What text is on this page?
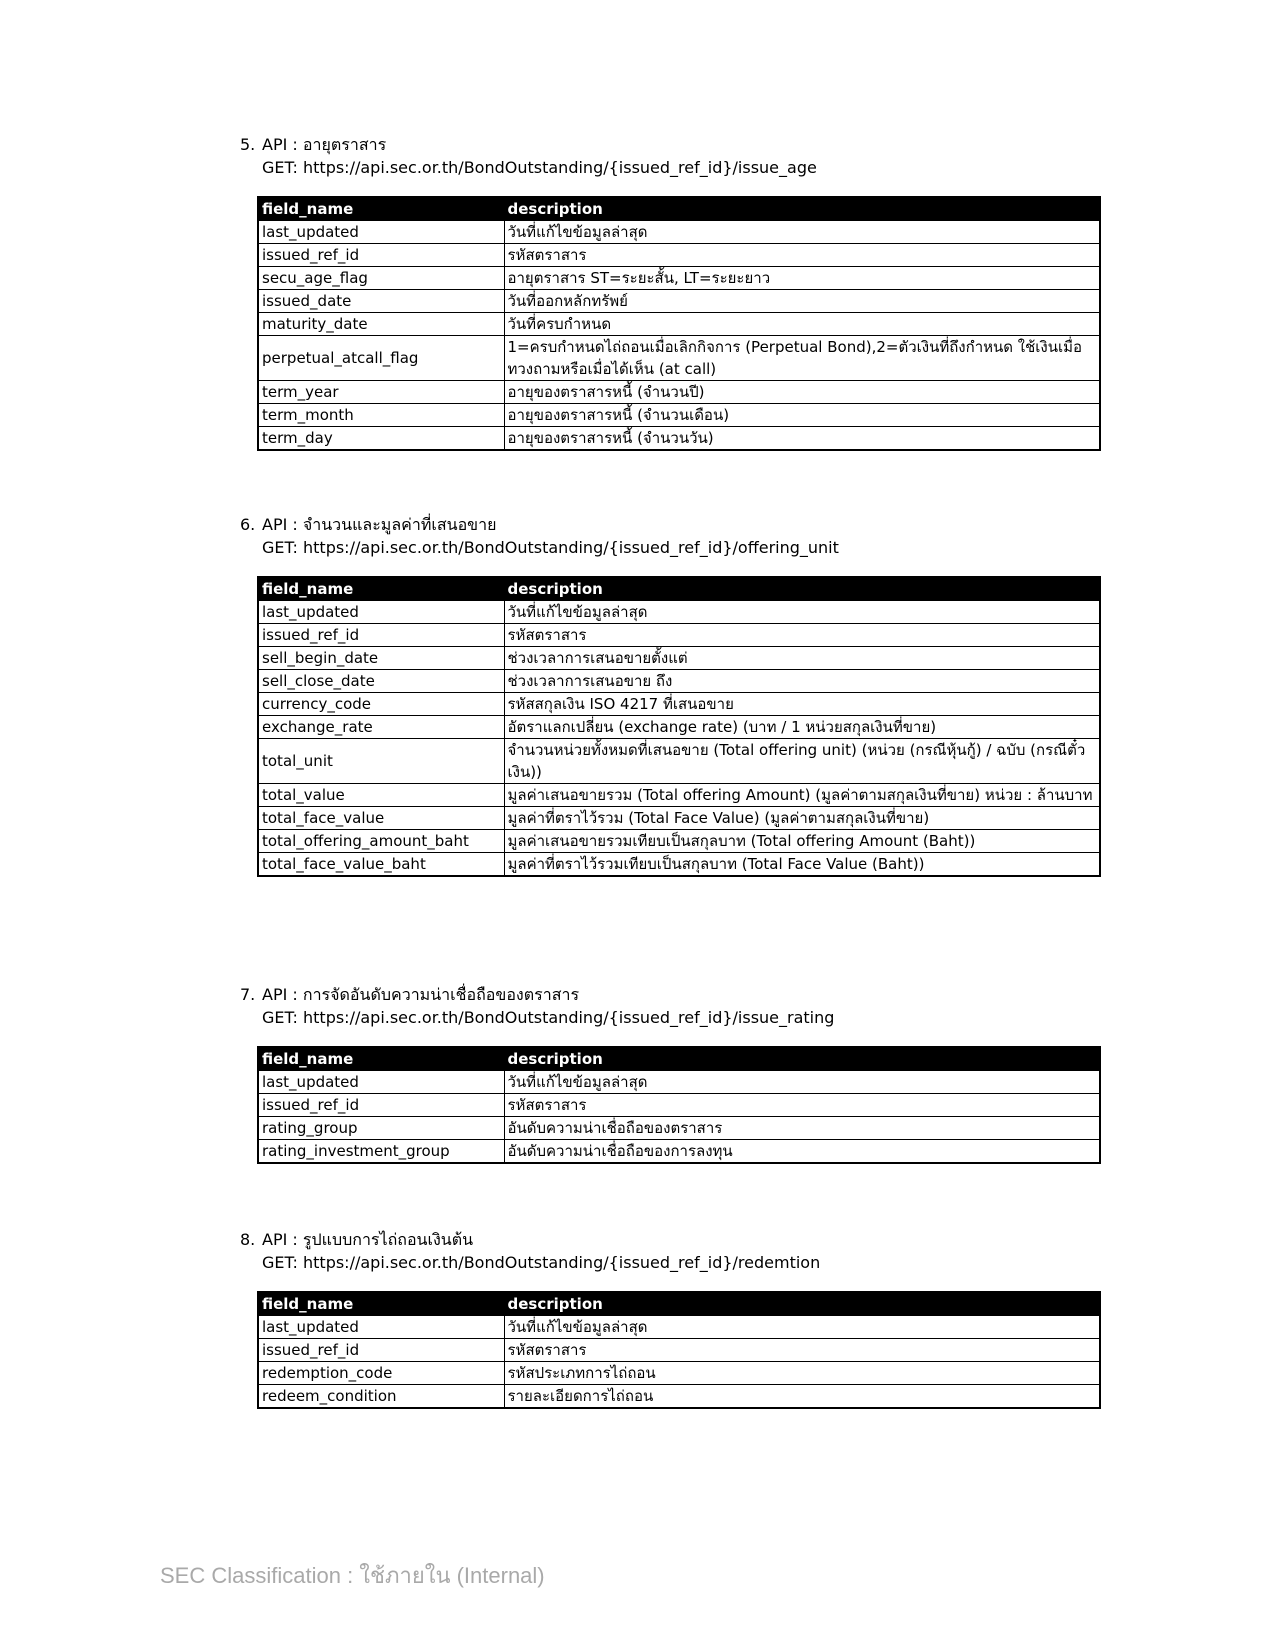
5. API : อายุตราสาร
GET: https://api.sec.or.th/BondOutstanding/{issued_ref_id}/issue_age
field_name	description
last_updated	วันที่แก้ไขข้อมูลล่าสุด
issued_ref_id	รหัสตราสาร
secu_age_flag	อายุตราสาร ST=ระยะสั้น, LT=ระยะยาว
issued_date	วันที่ออกหลักทรัพย์
maturity_date	วันที่ครบกำหนด
perpetual_atcall_flag	1=ครบกำหนดไถ่ถอนเมื่อเลิกกิจการ (Perpetual Bond),2=ตัวเงินที่ถึงกำหนด ใช้เงินเมื่อทวงถามหรือเมื่อได้เห็น (at call)
term_year	อายุของตราสารหนี้ (จำนวนปี)
term_month	อายุของตราสารหนี้ (จำนวนเดือน)
term_day	อายุของตราสารหนี้ (จำนวนวัน)
6. API : จำนวนและมูลค่าที่เสนอขาย
GET: https://api.sec.or.th/BondOutstanding/{issued_ref_id}/offering_unit
field_name	description
last_updated	วันที่แก้ไขข้อมูลล่าสุด
issued_ref_id	รหัสตราสาร
sell_begin_date	ช่วงเวลาการเสนอขายตั้งแต่
sell_close_date	ช่วงเวลาการเสนอขาย ถึง
currency_code	รหัสสกุลเงิน ISO 4217 ที่เสนอขาย
exchange_rate	อัตราแลกเปลี่ยน (exchange rate) (บาท / 1 หน่วยสกุลเงินที่ขาย)
total_unit	จำนวนหน่วยทั้งหมดที่เสนอขาย (Total offering unit) (หน่วย (กรณีหุ้นกู้) / ฉบับ (กรณีตั๋วเงิน))
total_value	มูลค่าเสนอขายรวม (Total offering Amount) (มูลค่าตามสกุลเงินที่ขาย) หน่วย : ล้านบาท
total_face_value	มูลค่าที่ตราไว้รวม (Total Face Value) (มูลค่าตามสกุลเงินที่ขาย)
total_offering_amount_baht	มูลค่าเสนอขายรวมเทียบเป็นสกุลบาท (Total offering Amount (Baht))
total_face_value_baht	มูลค่าที่ตราไว้รวมเทียบเป็นสกุลบาท (Total Face Value (Baht))
7. API : การจัดอันดับความน่าเชื่อถือของตราสาร
GET: https://api.sec.or.th/BondOutstanding/{issued_ref_id}/issue_rating
field_name	description
last_updated	วันที่แก้ไขข้อมูลล่าสุด
issued_ref_id	รหัสตราสาร
rating_group	อันดับความน่าเชื่อถือของตราสาร
rating_investment_group	อันดับความน่าเชื่อถือของการลงทุน
8. API : รูปแบบการไถ่ถอนเงินต้น
GET: https://api.sec.or.th/BondOutstanding/{issued_ref_id}/redemtion
field_name	description
last_updated	วันที่แก้ไขข้อมูลล่าสุด
issued_ref_id	รหัสตราสาร
redemption_code	รหัสประเภทการไถ่ถอน
redeem_condition	รายละเอียดการไถ่ถอน
SEC Classification : ใช้ภายใน (Internal)
